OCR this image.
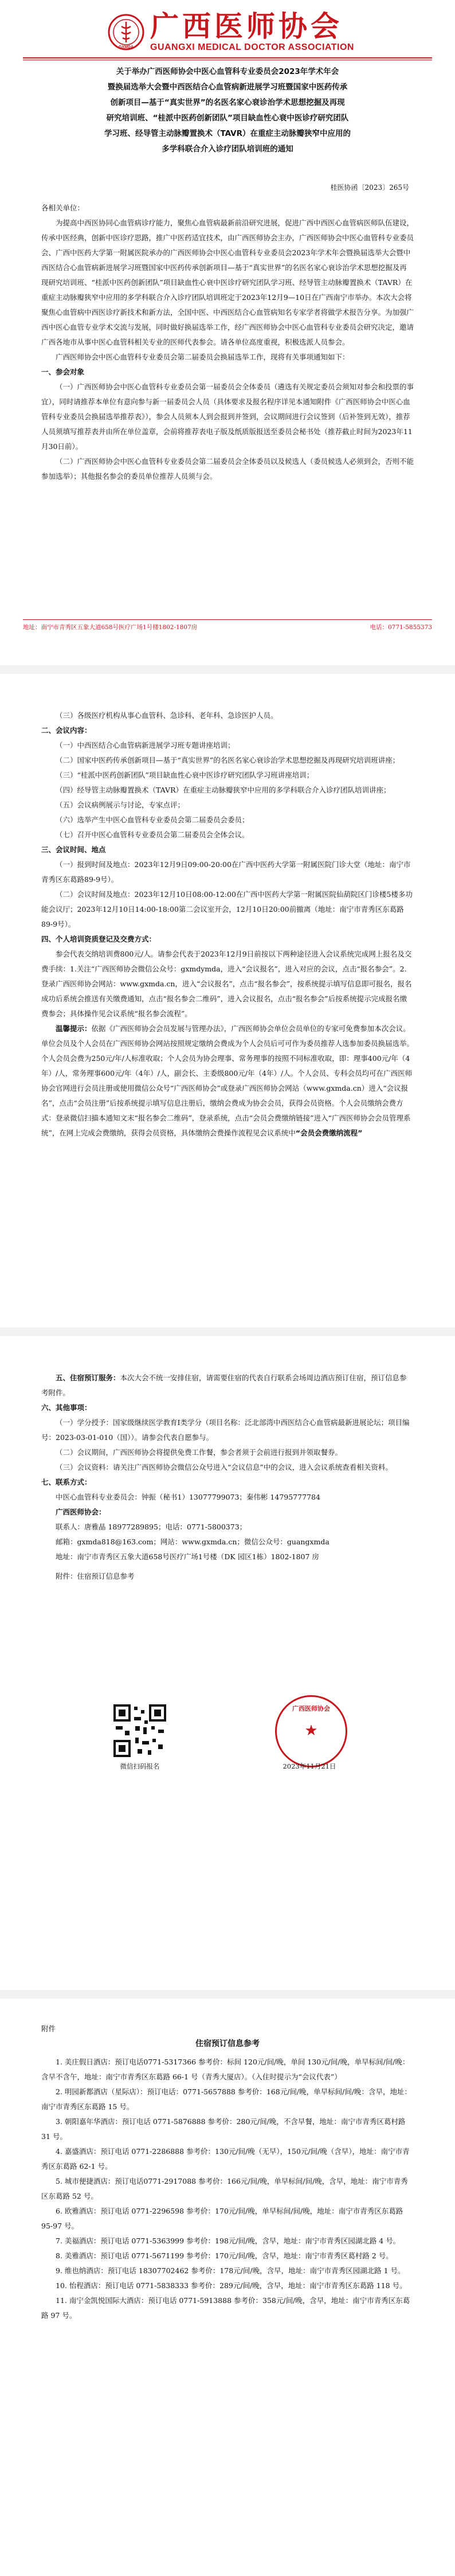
GXMDA
广西医师协会
GUANGXI MEDICAL DOCTOR ASSOCIATION
关于举办广西医师协会中医心血管科专业委员会2023年学术年会
暨换届选举大会暨中西医结合心血管病新进展学习班暨国家中医药传承
创新项目—基于“真实世界”的名医名家心衰诊治学术思想挖掘及再现
研究培训班、“桂派中医药创新团队”项目缺血性心衰中医诊疗研究团队
学习班、经导管主动脉瓣置换术（TAVR）在重症主动脉瓣狭窄中应用的
多学科联合介入诊疗团队培训班的通知
桂医协函〔2023〕265号

各相关单位：

为提高中西医协同心血管病诊疗能力，聚焦心血管病最新前沿研究进展，促进广西中西医心血管病医师队伍建设，传承中医经典，创新中医诊疗思路，推广中医药适宜技术，由广西医师协会主办，广西医师协会中医心血管科专业委员会、广西中医药大学第一附属医院承办的广西医师协会中医心血管科专业委员会2023年学术年会暨换届选举大会暨中西医结合心血管病新进展学习班暨国家中医药传承创新项目—基于“真实世界”的名医名家心衰诊治学术思想挖掘及再现研究培训班、“桂派中医药创新团队”项目缺血性心衰中医诊疗研究团队学习班、经导管主动脉瓣置换术（TAVR）在重症主动脉瓣狭窄中应用的多学科联合介入诊疗团队培训班定于2023年12月9—10日在广西南宁市举办。本次大会将聚焦心血管病中西医诊疗新技术和新方法，全国中医、中西医结合心血管病知名专家学者将做学术报告分享。为加强广西中医心血管专业学术交流与发展，同时做好换届选举工作，经广西医师协会中医心血管科专业委员会研究决定，邀请广西各地市从事中医心血管科相关专业的医师代表参会。请各单位高度重视，积极选派人员参会。

广西医师协会中医心血管科专业委员会第二届委员会换届选举工作，现将有关事项通知如下：

一、参会对象

（一）广西医师协会中医心血管科专业委员会第一届委员会全体委员（遴选有关规定委员会须知对参会和投票的事宜），同时请推荐本单位有意向参与新一届委员会人员（具体要求及报名程序详见本通知附件《广西医师协会中医心血管科专业委员会换届选举推荐表》），参会人员须本人到会报到并签到，会议期间进行会议签到（后补签到无效），推荐人员须填写推荐表并由所在单位盖章，会前将推荐表电子版及纸质版报送至委员会秘书处（推荐截止时间为2023年11月30日前）。

（二）广西医师协会中医心血管科专业委员会第二届委员会全体委员以及候选人（委员候选人必须到会，否则不能参加选举）；其他报名参会的委员单位推荐人员须与会。

地址：南宁市青秀区五象大道658号医疗广场1号楼1802-1807房	电话：0771-5855373

（三）各级医疗机构从事心血管科、急诊科、老年科、急诊医护人员。

二、会议内容：

（一）中西医结合心血管病新进展学习班专题讲座培训；

（二）国家中医药传承创新项目—基于“真实世界”的名医名家心衰诊治学术思想挖掘及再现研究培训班讲座；

（三）“桂派中医药创新团队”项目缺血性心衰中医诊疗研究团队学习班讲座培训；

（四）经导管主动脉瓣置换术（TAVR）在重症主动脉瓣狭窄中应用的多学科联合介入诊疗团队培训讲座；

（五）会议病例展示与讨论，专家点评；

（六）选举产生中医心血管科专业委员会第二届委员会委员；

（七）召开中医心血管科专业委员会第二届委员会全体会议。

三、会议时间、地点

（一）报到时间及地点：2023年12月9日09:00-20:00在广西中医药大学第一附属医院门诊大堂（地址：南宁市青秀区东葛路89-9号）。

（二）会议时间及地点：2023年12月10日08:00-12:00在广西中医药大学第一附属医院仙葫院区门诊楼5楼多功能会议厅；2023年12月10日14:00-18:00第二会议室开会，12月10日20:00前撤离（地址：南宁市青秀区东葛路89-9号）。

四、个人培训资质登记及交费方式：

参会代表交纳培训费800元/人。请参会代表于2023年12月9日前按以下两种途径进入会议系统完成网上报名及交费手续：1.关注“广西医师协会微信公众号：gxmdymda，进入“会议报名”，进入对应的会议，点击“报名参会”。2.登录广西医师协会网站：www.gxmda.cn，进入“会议报名”，点击“报名参会”，按系统提示填写信息即可报名，报名成功后系统会推送有关缴费通知，点击“报名参会二维码”，进入会议报名，点击“报名参会”后按系统提示完成报名缴费参会；具体操作见会议系统“报名参会流程”。

温馨提示：依据《广西医师协会会员发展与管理办法》，广西医师协会单位会员单位的专家可免费参加本次会议。单位会员及个人会员在广西医师协会网站按照规定缴纳会费成为个人会员后可可作为委员推荐人选参加委员换届选举。个人会员会费为250元/年/人标准收取；个人会员为协会理事、常务理事的按照不同标准收取，即：理事400元/年（4年）/人，常务理事600元/年（4年）/人，副会长、主委级800元/年（4年）/人。个人会员、专科会员均可在广西医师协会官网进行会员注册或使用微信公众号“广西医师协会”或登录广西医师协会网站（www.gxmda.cn）进入“会议报名”，点击“会员注册”后按系统提示填写信息注册后，缴纳会费成为协会会员，获得会员资格。个人会员缴纳会费方式：登录微信扫描本通知文末“报名参会二维码”，登录系统，点击“会员会费缴纳链接”进入“广西医师协会会员管理系统”，在网上完成会费缴纳，获得会员资格，具体缴纳会费操作流程见会议系统中“会员会费缴纳流程”

五、住宿预订服务：本次大会不统一安排住宿，请需要住宿的代表自行联系会场周边酒店预订住宿，预订信息参考附件。

六、其他事项：

（一）学分授予：国家级继续医学教育Ⅰ类学分（项目名称：泛北部湾中西医结合心血管病最新进展论坛；项目编号：2023-03-01-010（国））。请参会代表自愿参与。

（二）会议期间，广西医师协会将提供免费工作餐，参会者须于会前进行报到并领取餐券。

（三）会议资料：请关注广西医师协会微信公众号进入“会议信息”中的会议，进入会议系统查看相关资料。

七、联系方式：

中医心血管科专业委员会：钟振（秘书1）13077799073；秦伟彬 14795777784

广西医师协会：

联系人：唐雅晶 18977289895；电话：0771-5800373；

邮箱：gxmda818@163.com；网站：www.gxmda.cn；微信公众号：guangxmda

地址：南宁市青秀区五象大道658号医疗广场1号楼（DK 园区1栋）1802-1807 房

附件：住宿预订信息参考

微信扫码报名
广西医师协会
★
2023年11月21日

附件

住宿预订信息参考

1. 美庄假日酒店：预订电话0771-5317366 参考价：标间 120元/间/晚，单间 130元/间/晚，单早标间/间/晚：含早不含午，地址：南宁市青秀区东葛路 66-1 号（青秀大厦店）。（入住时提示为“会议代表”）

2. 明园新都酒店（星际店）：预订电话：0771-5657888 参考价：168元/间/晚，单早标间/间/晚：含早，地址：南宁市青秀区东葛路 15 号。

3. 朝阳嘉年华酒店：预订电话 0771-5876888 参考价：280元/间/晚，不含早餐，地址：南宁市青秀区葛村路 31 号。

4. 嘉盛酒店：预订电话 0771-2286888 参考价：130元/间/晚（无早），150元/间/晚（含早），地址：南宁市青秀区东葛路 62-1 号。

5. 城市便捷酒店：预订电话0771-2917088 参考价：166元/间/晚，单早标间/间/晚，含早，地址：南宁市青秀区东葛路 52 号。

6. 欧雅酒店：预订电话 0771-2296598 参考价：170元/间/晚，单早标间/间/晚，地址：南宁市青秀区东葛路 95-97 号。

7. 美福酒店：预订电话 0771-5363999 参考价：198元/间/晚，含早，地址：南宁市青秀区园湖北路 4 号。

8. 美雅酒店：预订电话 0771-5671199 参考价：170元/间/晚，含早，地址：南宁市青秀区葛村路 2 号。

9. 维也纳酒店：预订电话 18307702462 参考价：178元/间/晚，含早，地址：南宁市青秀区园湖北路 1 号。

10. 怡程酒店：预订电话 0771-5838333 参考价：289元/间/晚，含早，地址：南宁市青秀区东葛路 118 号。

11. 南宁金凯悦国际大酒店：预订电话 0771-5913888 参考价：358元/间/晚，含早，地址：南宁市青秀区东葛路 97 号。
